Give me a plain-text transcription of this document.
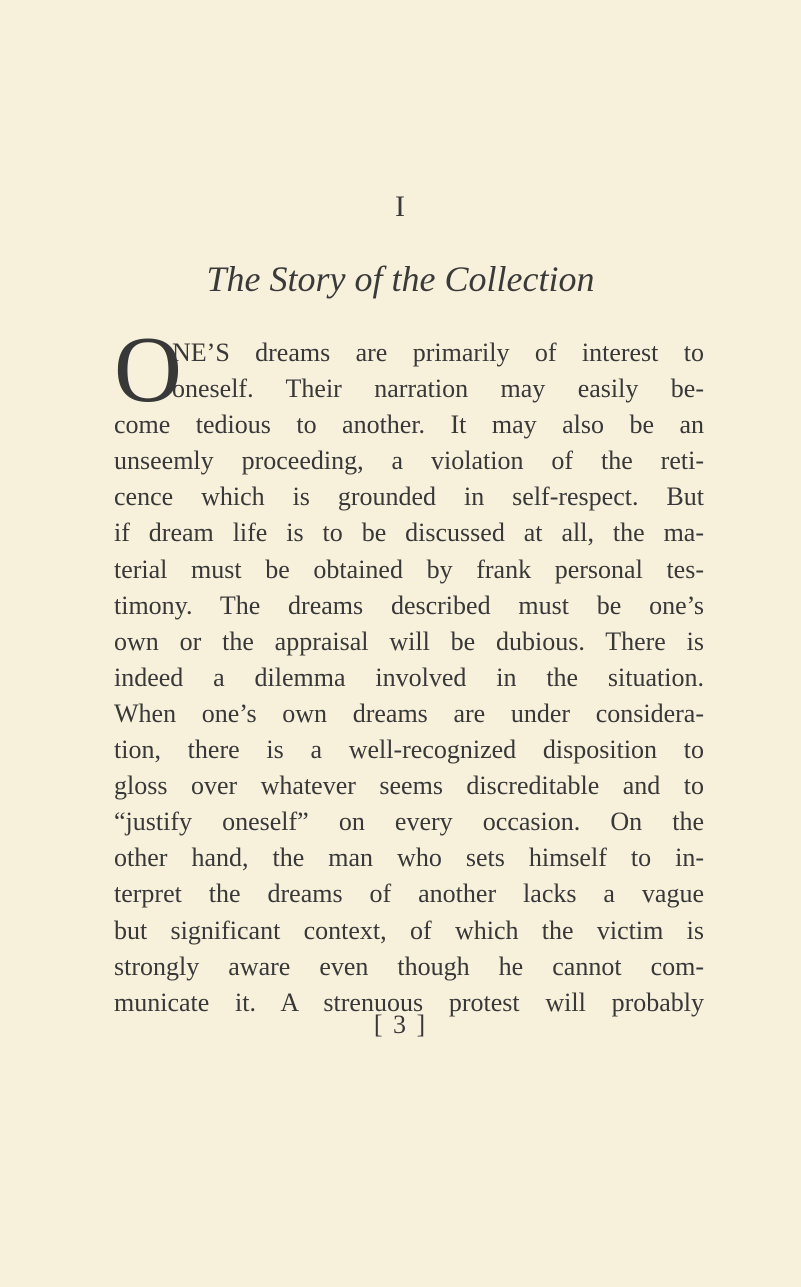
I
The Story of the Collection
O
NE’S dreams are primarily of interest to
oneself. Their narration may easily be-
come tedious to another. It may also be an
unseemly proceeding, a violation of the reti-
cence which is grounded in self-respect. But
if dream life is to be discussed at all, the ma-
terial must be obtained by frank personal tes-
timony. The dreams described must be one’s
own or the appraisal will be dubious. There is
indeed a dilemma involved in the situation.
When one’s own dreams are under considera-
tion, there is a well-recognized disposition to
gloss over whatever seems discreditable and to
“justify oneself” on every occasion. On the
other hand, the man who sets himself to in-
terpret the dreams of another lacks a vague
but significant context, of which the victim is
strongly aware even though he cannot com-
municate it. A strenuous protest will probably
[ 3 ]
